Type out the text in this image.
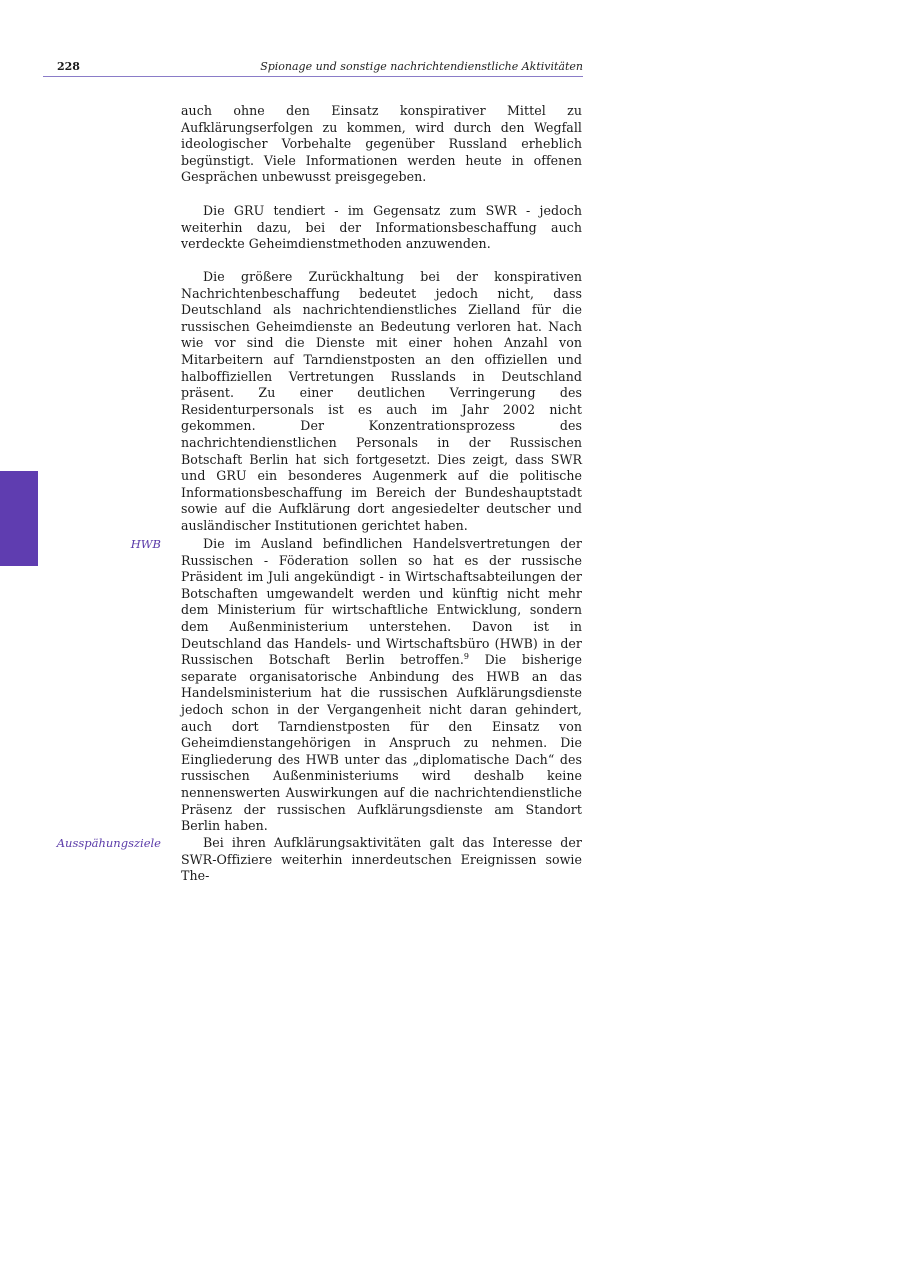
228	Spionage und sonstige nachrichtendienstliche Aktivitäten
auch ohne den Einsatz konspirativer Mittel zu Aufklärungserfolgen zu kommen, wird durch den Wegfall ideologischer Vorbehalte gegenüber Russland erheblich begünstigt. Viele Informationen werden heute in offenen Gesprächen unbewusst preisgegeben.
Die GRU tendiert - im Gegensatz zum SWR - jedoch weiterhin dazu, bei der Informationsbeschaffung auch verdeckte Geheimdienstmethoden anzuwenden.
Die größere Zurückhaltung bei der konspirativen Nachrichtenbeschaffung bedeutet jedoch nicht, dass Deutschland als nachrichtendienstliches Zielland für die russischen Geheimdienste an Bedeutung verloren hat. Nach wie vor sind die Dienste mit einer hohen Anzahl von Mitarbeitern auf Tarndienstposten an den offiziellen und halboffiziellen Vertretungen Russlands in Deutschland präsent. Zu einer deutlichen Verringerung des Residenturpersonals ist es auch im Jahr 2002 nicht gekommen. Der Konzentrationsprozess des nachrichtendienstlichen Personals in der Russischen Botschaft Berlin hat sich fortgesetzt. Dies zeigt, dass SWR und GRU ein besonderes Augenmerk auf die politische Informationsbeschaffung im Bereich der Bundeshauptstadt sowie auf die Aufklärung dort angesiedelter deutscher und ausländischer Institutionen gerichtet haben.
HWB	Die im Ausland befindlichen Handelsvertretungen der Russischen - Föderation sollen so hat es der russische Präsident im Juli angekündigt - in Wirtschaftsabteilungen der Botschaften umgewandelt werden und künftig nicht mehr dem Ministerium für wirtschaftliche Entwicklung, sondern dem Außenministerium unterstehen. Davon ist in Deutschland das Handels- und Wirtschaftsbüro (HWB) in der Russischen Botschaft Berlin betroffen.$^9$ Die bisherige separate organisatorische Anbindung des HWB an das Handelsministerium hat die russischen Aufklärungsdienste jedoch schon in der Vergangenheit nicht daran gehindert, auch dort Tarndienstposten für den Einsatz von Geheimdienstangehörigen in Anspruch zu nehmen. Die Eingliederung des HWB unter das „diplomatische Dach“ des russischen Außenministeriums wird deshalb keine nennenswerten Auswirkungen auf die nachrichtendienstliche Präsenz der russischen Aufklärungsdienste am Standort Berlin haben.
Ausspähungsziele	Bei ihren Aufklärungsaktivitäten galt das Interesse der SWR-Offiziere weiterhin innerdeutschen Ereignissen sowie The-
